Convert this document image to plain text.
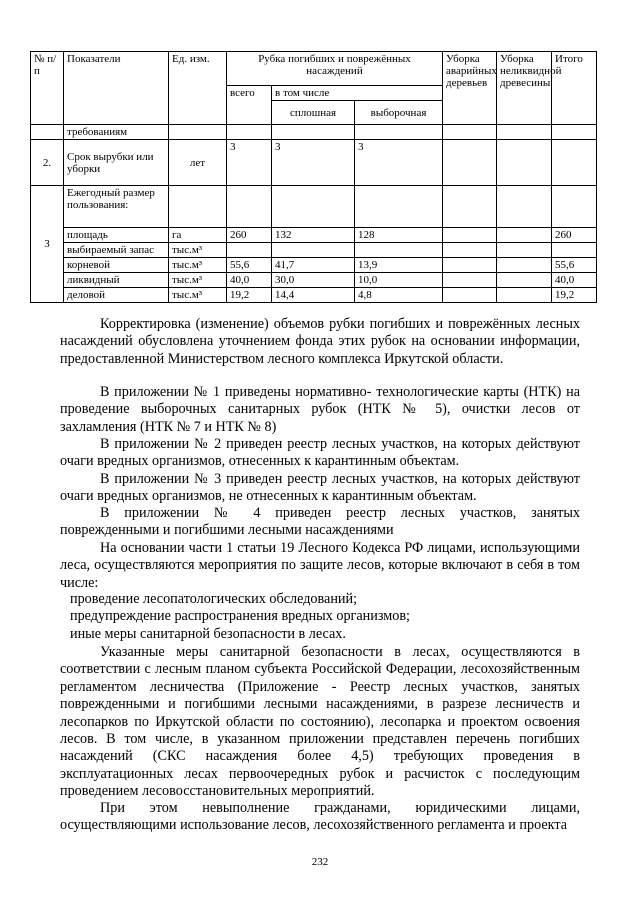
№ п/п	Показатели	Ед. изм.	Рубка погибших и поврежённых насаждений			Уборка аварийных деревьев	Уборка неликвидной древесины	Итого
			всего	в том числе				
				сплошная	выборочная			
	требованиям							
2.	Срок вырубки или уборки	лет	3	3	3			
3	Ежегодный размер пользования:							
	площадь	га	260	132	128			260
	выбираемый запас	тыс.м³						
	корневой	тыс.м³	55,6	41,7	13,9			55,6
	ликвидный	тыс.м³	40,0	30,0	10,0			40,0
	деловой	тыс.м³	19,2	14,4	4,8			19,2

Корректировка (изменение) объемов рубки погибших и поврежённых лесных насаждений обусловлена уточнением фонда этих рубок на основании информации, предоставленной Министерством лесного комплекса Иркутской области.

В приложении № 1 приведены нормативно- технологические карты (НТК) на проведение выборочных санитарных рубок (НТК № 5), очистки лесов от захламления (НТК № 7 и НТК № 8)

В приложении № 2 приведен реестр лесных участков, на которых действуют очаги вредных организмов, отнесенных к карантинным объектам.

В приложении № 3 приведен реестр лесных участков, на которых действуют очаги вредных организмов, не отнесенных к карантинным объектам.

В приложении № 4 приведен реестр лесных участков, занятых поврежденными и погибшими лесными насаждениями

На основании части 1 статьи 19 Лесного Кодекса РФ лицами, использующими леса, осуществляются мероприятия по защите лесов, которые включают в себя в том числе:

проведение лесопатологических обследований;
предупреждение распространения вредных организмов;
иные меры санитарной безопасности в лесах.

Указанные меры санитарной безопасности в лесах, осуществляются в соответствии с лесным планом субъекта Российской Федерации, лесохозяйственным регламентом лесничества (Приложение - Реестр лесных участков, занятых поврежденными и погибшими лесными насаждениями, в разрезе лесничеств и лесопарков по Иркутской области по состоянию), лесопарка и проектом освоения лесов. В том числе, в указанном приложении представлен перечень погибших насаждений (СКС насаждения более 4,5) требующих проведения в эксплуатационных лесах первоочередных рубок и расчисток с последующим проведением лесовосстановительных мероприятий.

При этом невыполнение гражданами, юридическими лицами, осуществляющими использование лесов, лесохозяйственного регламента и проекта

232
